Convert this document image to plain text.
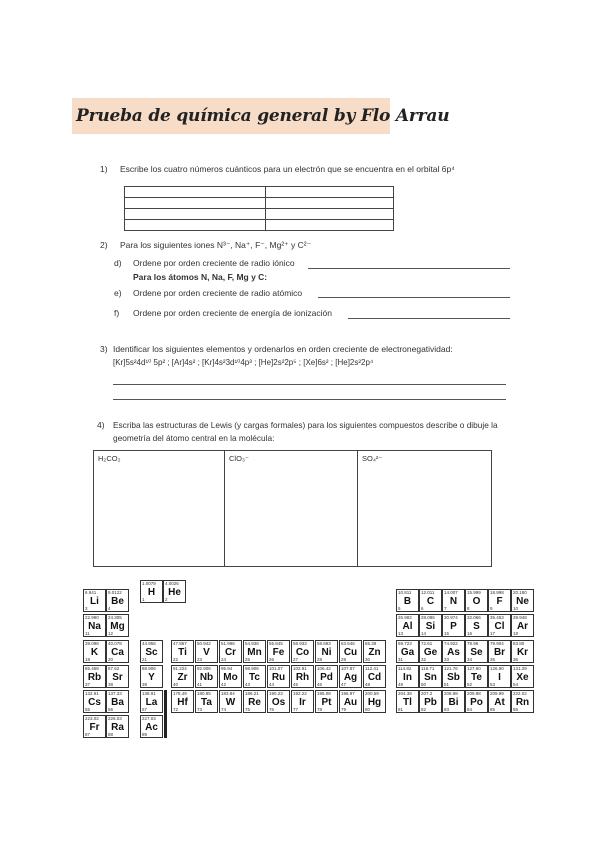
Prueba de química general by Flo Arrau
1) Escribe los cuatro números cuánticos para un electrón que se encuentra en el orbital 6p⁴
2) Para los siguientes iones N³⁻, Na⁺, F⁻, Mg²⁺ y C²⁻
d) Ordene por orden creciente de radio iónico
Para los átomos N, Na, F, Mg y C:
e) Ordene por orden creciente de radio atómico
f) Ordene por orden creciente de energía de ionización
3) Identificar los siguientes elementos y ordenarlos en orden creciente de electronegatividad:
[Kr]5s²4d¹⁰ 5p² ; [Ar]4s² ; [Kr]4s²3d¹⁰4p³ ; [He]2s²2p⁵ ; [Xe]6s² ; [He]2s²2p⁴
4) Escriba las estructuras de Lewis (y cargas formales) para los siguientes compuestos describe o dibuje la
geometría del átomo central en la molécula:
H₂CO₂	ClO₃⁻	SO₄²⁻
1.0079
H
1
4.0026
He
2
6.941
Li
3
9.0122
Be
4
22.990
Na
11
24.305
Mg
12
39.098
K
19
40.078
Ca
20
85.468
Rb
37
87.62
Sr
38
132.91
Cs
55
137.33
Ba
56
223.02
Fr
87
226.03
Ra
88
44.956
Sc
21
47.867
Ti
22
50.942
V
23
51.996
Cr
24
54.938
Mn
25
55.845
Fe
26
58.933
Co
27
58.693
Ni
28
63.546
Cu
29
65.39
Zn
30
88.906
Y
39
91.224
Zr
40
92.906
Nb
41
95.94
Mo
42
98.906
Tc
43
101.07
Ru
44
102.91
Rh
45
106.42
Pd
46
107.87
Ag
47
112.41
Cd
48
138.91
La
57
178.49
Hf
72
180.95
Ta
73
183.84
W
74
186.21
Re
75
190.23
Os
76
192.22
Ir
77
195.08
Pt
78
196.97
Au
79
200.59
Hg
80
227.03
Ac
89
10.811
B
5
12.011
C
6
14.007
N
7
15.999
O
8
18.998
F
9
20.180
Ne
10
26.982
Al
13
28.086
Si
14
30.974
P
15
32.066
S
16
35.453
Cl
17
39.948
Ar
18
69.723
Ga
31
72.61
Ge
32
74.922
As
33
78.96
Se
34
79.904
Br
35
83.80
Kr
36
114.82
In
49
118.71
Sn
50
121.76
Sb
51
127.60
Te
52
126.90
I
53
131.29
Xe
54
204.38
Tl
81
207.2
Pb
82
208.98
Bi
83
209.98
Po
84
209.99
At
85
222.02
Rn
86
